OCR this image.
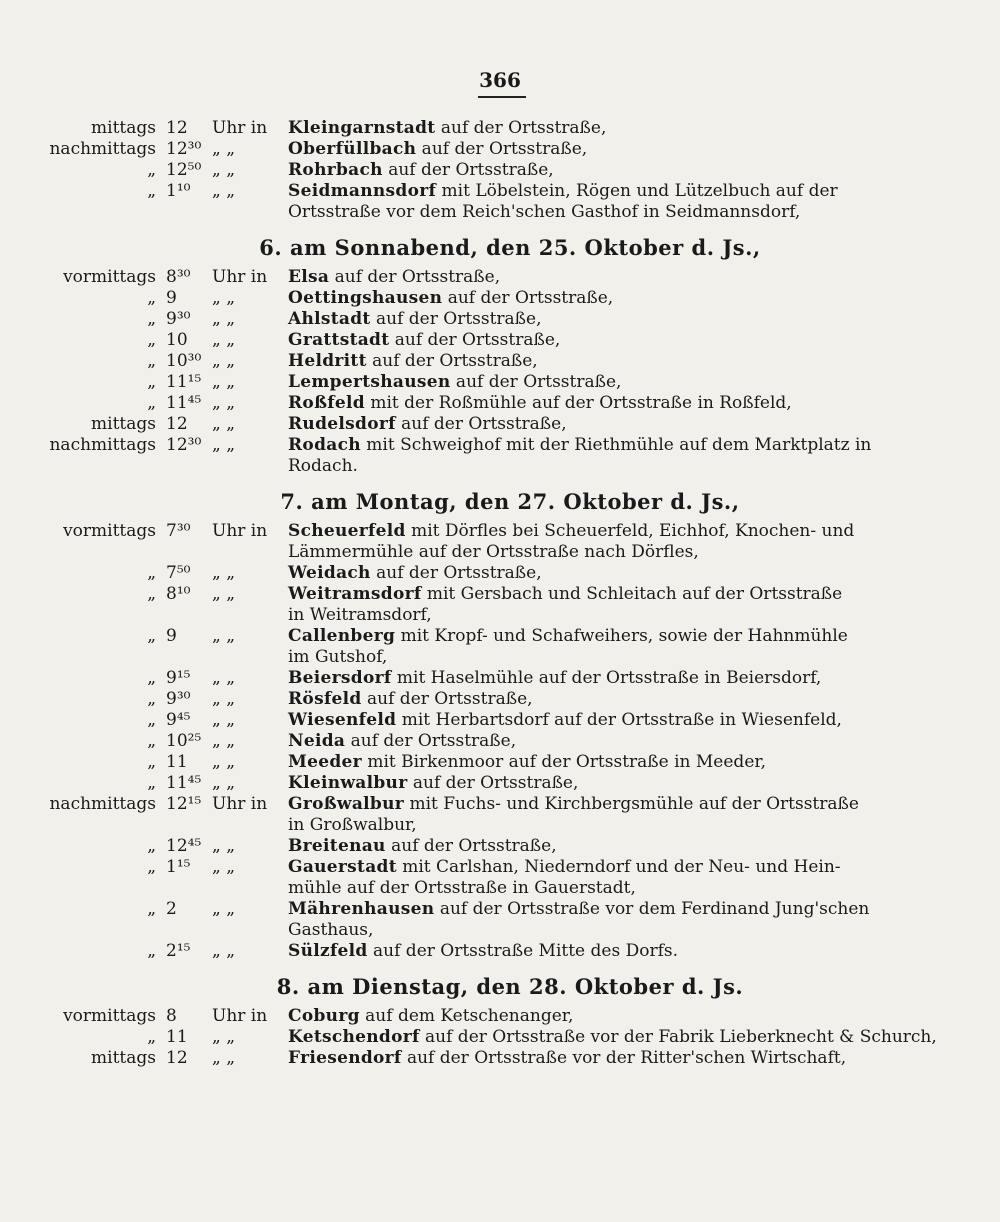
366
mittags 12	Uhr in Kleingarnstadt auf der Ortsstraße,
nachmittags 12³⁰ „ „	Oberfüllbach auf der Ortsstraße,
„ 12⁵⁰ „ „	Rohrbach auf der Ortsstraße,
„ 1¹⁰	„ „	Seidmannsdorf mit Löbelstein, Rögen und Lützelbuch auf der
Ortsstraße vor dem Reich'schen Gasthof in Seidmannsdorf,
6. am Sonnabend, den 25. Oktober d. Js.,
vormittags 8³⁰	Uhr in Elsa auf der Ortsstraße,
„ 9	„ „	Oettingshausen auf der Ortsstraße,
„ 9³⁰	„ „	Ahlstadt auf der Ortsstraße,
„ 10	„ „	Grattstadt auf der Ortsstraße,
„ 10³⁰ „ „	Heldritt auf der Ortsstraße,
„ 11¹⁵ „ „	Lempertshausen auf der Ortsstraße,
„ 11⁴⁵ „ „	Roßfeld mit der Roßmühle auf der Ortsstraße in Roßfeld,
mittags 12	„ „	Rudelsdorf auf der Ortsstraße,
nachmittags 12³⁰ „ „	Rodach mit Schweighof mit der Riethmühle auf dem Marktplatz in
Rodach.
7. am Montag, den 27. Oktober d. Js.,
vormittags 7³⁰	Uhr in Scheuerfeld mit Dörfles bei Scheuerfeld, Eichhof, Knochen- und
Lämmermühle auf der Ortsstraße nach Dörfles,
„ 7⁵⁰	„ „	Weidach auf der Ortsstraße,
„ 8¹⁰	„ „	Weitramsdorf mit Gersbach und Schleitach auf der Ortsstraße
in Weitramsdorf,
„ 9	„ „	Callenberg mit Kropf- und Schafweihers, sowie der Hahnmühle
im Gutshof,
„ 9¹⁵	„ „	Beiersdorf mit Haselmühle auf der Ortsstraße in Beiersdorf,
„ 9³⁰	„ „	Rösfeld auf der Ortsstraße,
„ 9⁴⁵	„ „	Wiesenfeld mit Herbartsdorf auf der Ortsstraße in Wiesenfeld,
„ 10²⁵ „ „	Neida auf der Ortsstraße,
„ 11	„ „	Meeder mit Birkenmoor auf der Ortsstraße in Meeder,
„ 11⁴⁵ „ „	Kleinwalbur auf der Ortsstraße,
nachmittags 12¹⁵ Uhr in Großwalbur mit Fuchs- und Kirchbergsmühle auf der Ortsstraße
in Großwalbur,
„ 12⁴⁵ „ „	Breitenau auf der Ortsstraße,
„ 1¹⁵	„ „	Gauerstadt mit Carlshan, Niederndorf und der Neu- und Hein-
mühle auf der Ortsstraße in Gauerstadt,
„ 2	„ „	Mährenhausen auf der Ortsstraße vor dem Ferdinand Jung'schen
Gasthaus,
„ 2¹⁵	„ „	Sülzfeld auf der Ortsstraße Mitte des Dorfs.
8. am Dienstag, den 28. Oktober d. Js.
vormittags 8	Uhr in Coburg auf dem Ketschenanger,
„ 11	„ „	Ketschendorf auf der Ortsstraße vor der Fabrik Lieberknecht & Schurch,
mittags 12	„ „	Friesendorf auf der Ortsstraße vor der Ritter'schen Wirtschaft,
